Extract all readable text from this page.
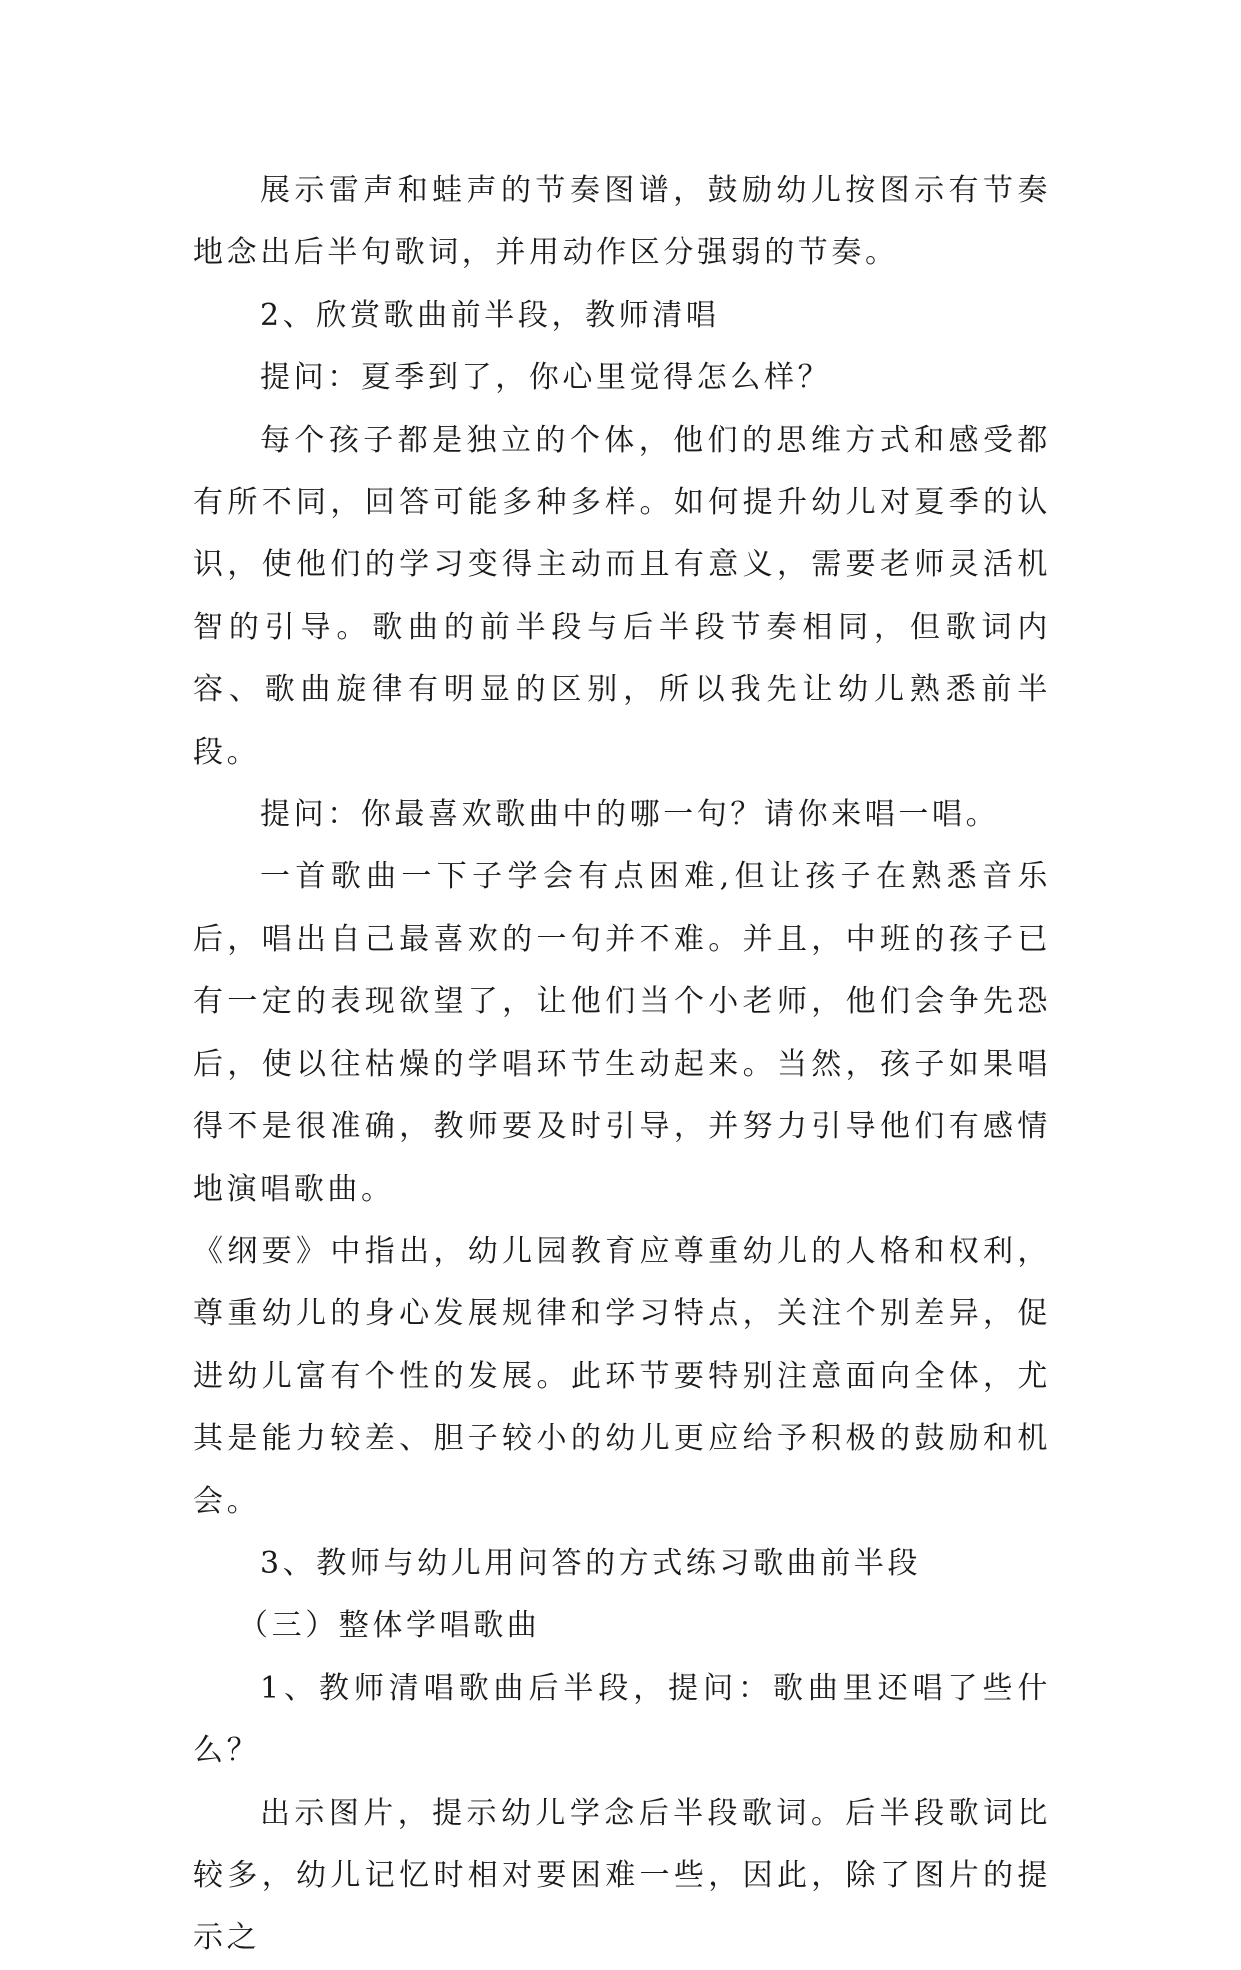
展示雷声和蛙声的节奏图谱，鼓励幼儿按图示有节奏地念出后半句歌词，并用动作区分强弱的节奏。

2、欣赏歌曲前半段，教师清唱

提问：夏季到了，你心里觉得怎么样？

每个孩子都是独立的个体，他们的思维方式和感受都有所不同，回答可能多种多样。如何提升幼儿对夏季的认识，使他们的学习变得主动而且有意义，需要老师灵活机智的引导。歌曲的前半段与后半段节奏相同，但歌词内容、歌曲旋律有明显的区别，所以我先让幼儿熟悉前半段。

提问：你最喜欢歌曲中的哪一句？请你来唱一唱。

一首歌曲一下子学会有点困难,但让孩子在熟悉音乐后，唱出自己最喜欢的一句并不难。并且，中班的孩子已有一定的表现欲望了，让他们当个小老师，他们会争先恐后，使以往枯燥的学唱环节生动起来。当然，孩子如果唱得不是很准确，教师要及时引导，并努力引导他们有感情地演唱歌曲。

《纲要》中指出，幼儿园教育应尊重幼儿的人格和权利，尊重幼儿的身心发展规律和学习特点，关注个别差异，促进幼儿富有个性的发展。此环节要特别注意面向全体，尤其是能力较差、胆子较小的幼儿更应给予积极的鼓励和机会。

3、教师与幼儿用问答的方式练习歌曲前半段

（三）整体学唱歌曲

1、教师清唱歌曲后半段，提问：歌曲里还唱了些什么？

出示图片，提示幼儿学念后半段歌词。后半段歌词比较多，幼儿记忆时相对要困难一些，因此，除了图片的提示之
